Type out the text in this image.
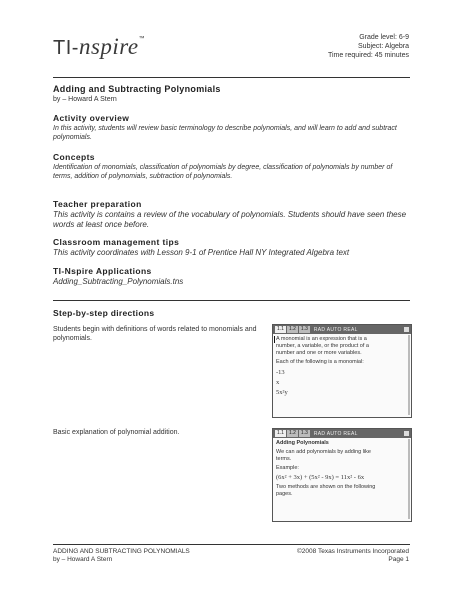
TI-nspire™	Grade level: 6-9
Subject: Algebra
Time required: 45 minutes
Adding and Subtracting Polynomials
by – Howard A Stern
Activity overview

In this activity, students will review basic terminology to describe polynomials, and will learn to add and subtract polynomials.

Concepts

Identification of monomials, classification of polynomials by degree, classification of polynomials by number of terms, addition of polynomials, subtraction of polynomials.

Teacher preparation

This activity is contains a review of the vocabulary of polynomials. Students should have seen these words at least once before.

Classroom management tips

This activity coordinates with Lesson 9-1 of Prentice Hall NY Integrated Algebra text

TI-Nspire Applications

Adding_Subtracting_Polynomials.tns

Step-by-step directions
Students begin with definitions of words related to monomials and polynomials.
Basic explanation of polynomial addition.
1.1	1.2	1.3	RAD AUTO REAL
A monomial is an expression that is a
number, a variable, or the product of a
number and one or more variables.
Each of the following is a monomial:
-13
x
5x²y
1.1	1.2	1.3	RAD AUTO REAL
Adding Polynomials
We can add polynomials by adding like
terms.
Example:
(6x² + 3x) + (5x² - 9x) = 11x² - 6x
Two methods are shown on the following
pages.
ADDING AND SUBTRACTING POLYNOMIALS
by – Howard A Stern
©2008 Texas Instruments Incorporated
Page 1
